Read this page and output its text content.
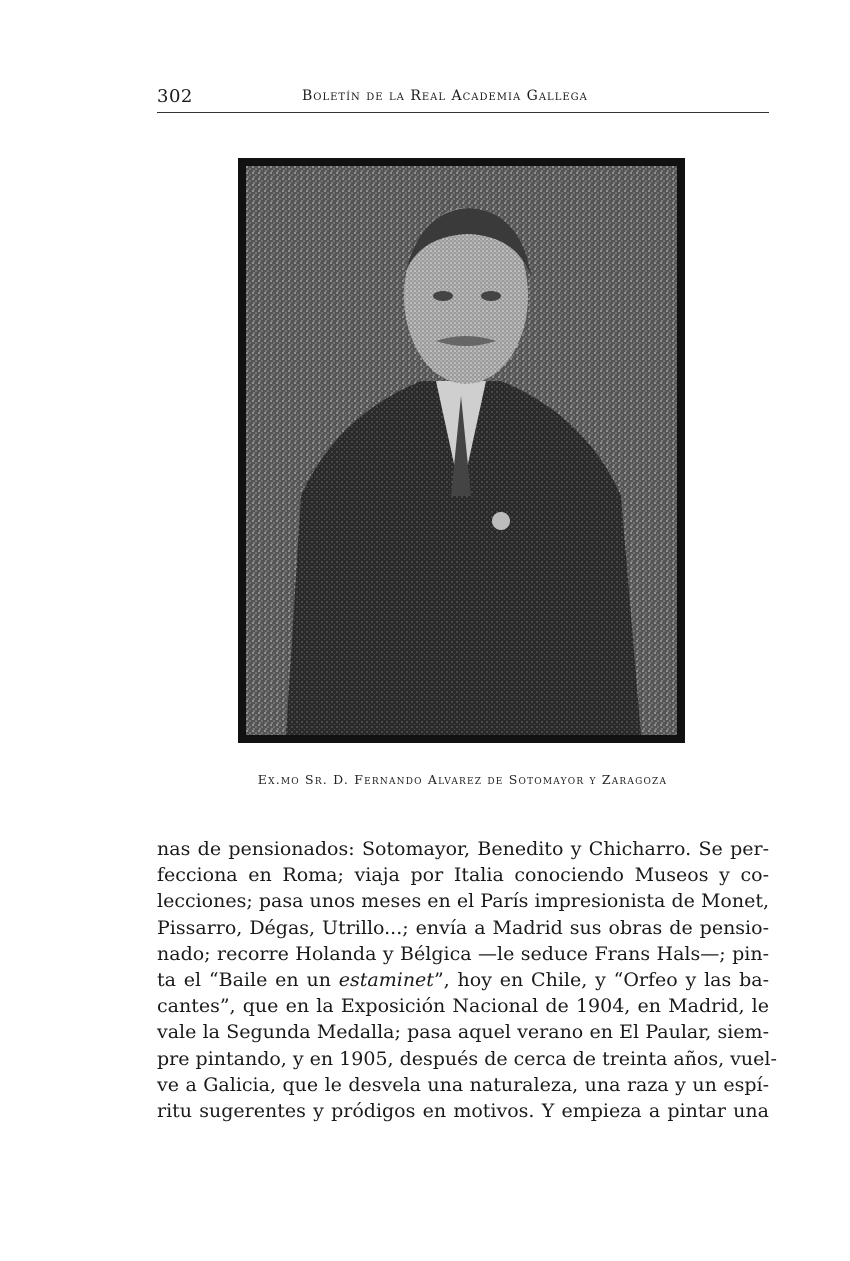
302	Boletín de la Real Academia Gallega
Ex.mo Sr. D. Fernando Alvarez de Sotomayor y Zaragoza
nas de pensionados: Sotomayor, Benedito y Chicharro. Se per-
fecciona en Roma; viaja por Italia conociendo Museos y co-
lecciones; pasa unos meses en el París impresionista de Monet,
Pissarro, Dégas, Utrillo...; envía a Madrid sus obras de pensio-
nado; recorre Holanda y Bélgica —le seduce Frans Hals—; pin-
ta el “Baile en un estaminet”, hoy en Chile, y “Orfeo y las ba-
cantes”, que en la Exposición Nacional de 1904, en Madrid, le
vale la Segunda Medalla; pasa aquel verano en El Paular, siem-
pre pintando, y en 1905, después de cerca de treinta años, vuel-
ve a Galicia, que le desvela una naturaleza, una raza y un espí-
ritu sugerentes y pródigos en motivos. Y empieza a pintar una
